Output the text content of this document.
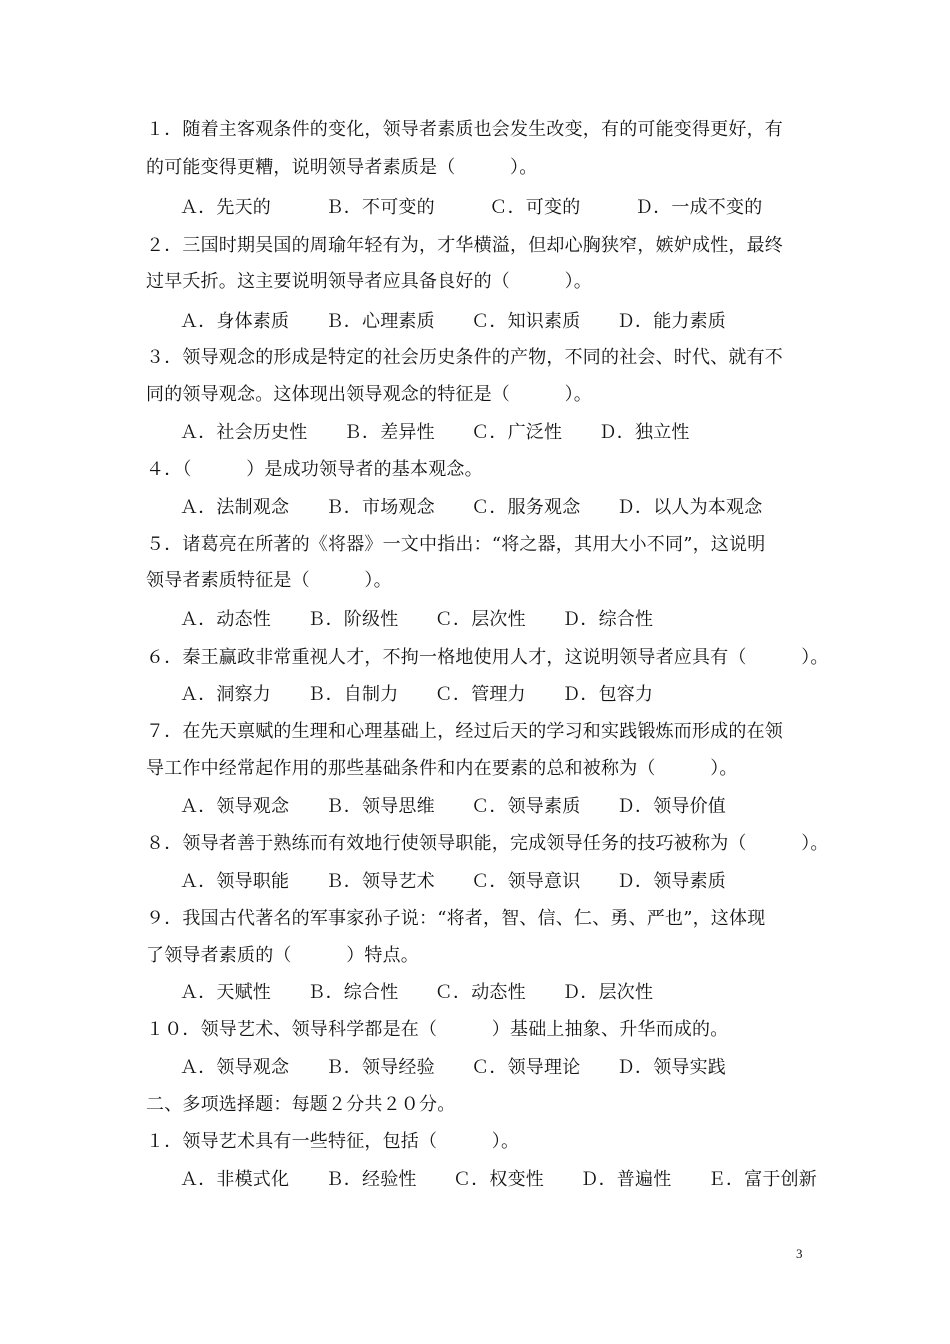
１．随着主客观条件的变化，领导者素质也会发生改变，有的可能变得更好，有
的可能变得更糟，说明领导者素质是（　　　）。
Ａ．先天的　　　Ｂ．不可变的　　　Ｃ．可变的　　　Ｄ．一成不变的
２．三国时期吴国的周瑜年轻有为，才华横溢，但却心胸狭窄，嫉妒成性，最终
过早夭折。这主要说明领导者应具备良好的（　　　）。
Ａ．身体素质　　Ｂ．心理素质　　Ｃ．知识素质　　Ｄ．能力素质
３．领导观念的形成是特定的社会历史条件的产物，不同的社会、时代、就有不
同的领导观念。这体现出领导观念的特征是（　　　）。
Ａ．社会历史性　　Ｂ．差异性　　Ｃ．广泛性　　Ｄ．独立性
４．（　　　）是成功领导者的基本观念。
Ａ．法制观念　　Ｂ．市场观念　　Ｃ．服务观念　　Ｄ．以人为本观念
５．诸葛亮在所著的《将器》一文中指出：“将之器，其用大小不同”，这说明
领导者素质特征是（　　　）。
Ａ．动态性　　Ｂ．阶级性　　Ｃ．层次性　　Ｄ．综合性
６．秦王赢政非常重视人才，不拘一格地使用人才，这说明领导者应具有（　　　）。
Ａ．洞察力　　Ｂ．自制力　　Ｃ．管理力　　Ｄ．包容力
７．在先天禀赋的生理和心理基础上，经过后天的学习和实践锻炼而形成的在领
导工作中经常起作用的那些基础条件和内在要素的总和被称为（　　　）。
Ａ．领导观念　　Ｂ．领导思维　　Ｃ．领导素质　　Ｄ．领导价值
８．领导者善于熟练而有效地行使领导职能，完成领导任务的技巧被称为（　　　）。
Ａ．领导职能　　Ｂ．领导艺术　　Ｃ．领导意识　　Ｄ．领导素质
９．我国古代著名的军事家孙子说：“将者，智、信、仁、勇、严也”，这体现
了领导者素质的（　　　）特点。
Ａ．天赋性　　Ｂ．综合性　　Ｃ．动态性　　Ｄ．层次性
１０．领导艺术、领导科学都是在（　　　）基础上抽象、升华而成的。
Ａ．领导观念　　Ｂ．领导经验　　Ｃ．领导理论　　Ｄ．领导实践
二、多项选择题：每题２分共２０分。
１．领导艺术具有一些特征，包括（　　　）。
Ａ．非模式化　　Ｂ．经验性　　Ｃ．权变性　　Ｄ．普遍性　　Ｅ．富于创新
3
